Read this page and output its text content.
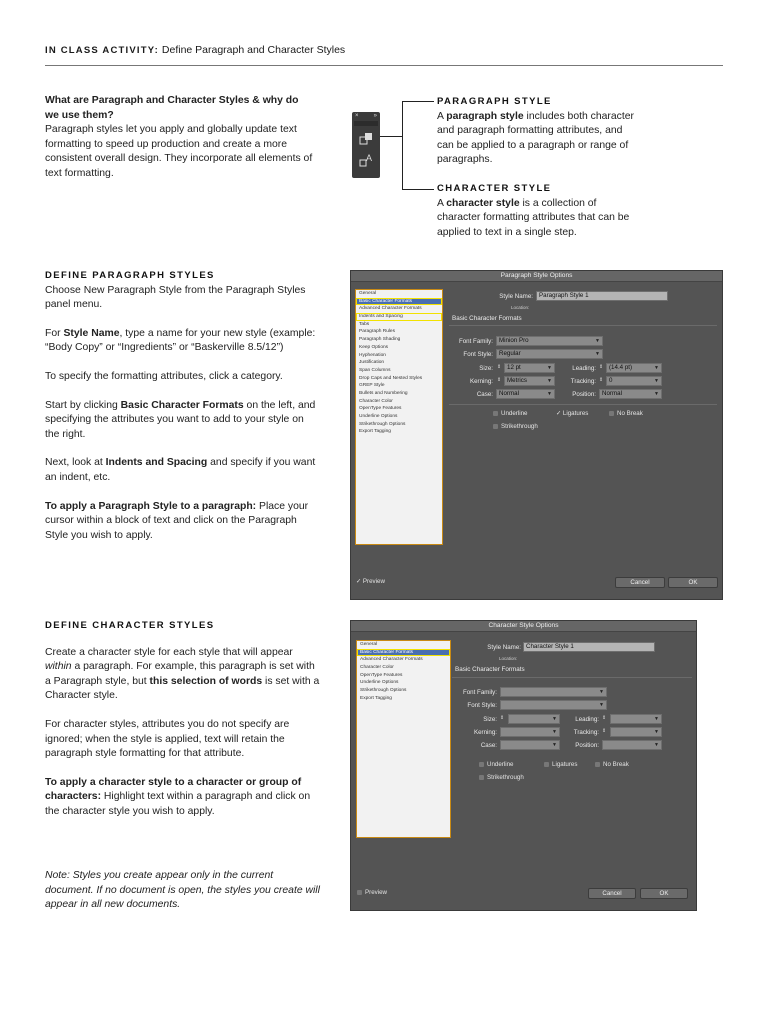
IN CLASS ACTIVITY: Define Paragraph and Character Styles
What are Paragraph and Character Styles & why do we use them?
Paragraph styles let you apply and globally update text formatting to speed up production and create a more consistent overall design. They incorporate all elements of text formatting.
×	»
A
PARAGRAPH STYLE
A paragraph style includes both character and paragraph formatting attributes, and can be applied to a paragraph or range of paragraphs.
CHARACTER STYLE
A character style is a collection of character formatting attributes that can be applied to text in a single step.
DEFINE PARAGRAPH STYLES

Choose New Paragraph Style from the Paragraph Styles panel menu.

For Style Name, type a name for your new style (example: “Body Copy” or “Ingredients” or “Baskerville 8.5/12”)

To specify the formatting attributes, click a category.

Start by clicking Basic Character Formats on the left, and specifying the attributes you want to add to your style on the right.

Next, look at Indents and Spacing and specify if you want an indent, etc.

To apply a Paragraph Style to a paragraph: Place your cursor within a block of text and click on the Paragraph Style you wish to apply.

Paragraph Style Options
General
Basic Character Formats
Advanced Character Formats
Indents and Spacing
Tabs
Paragraph Rules
Paragraph Shading
Keep Options
Hyphenation
Justification
Span Columns
Drop Caps and Nested Styles
GREP Style
Bullets and Numbering
Character Color
OpenType Features
Underline Options
Strikethrough Options
Export Tagging
Style Name: Paragraph Style 1
Location:
Basic Character Formats
Font Family: Minion Pro	▼
Font Style: Regular	▼
Size: ⇕ 12 pt	▼	Leading: ⇕ (14.4 pt)	▼
Kerning: ⇕ Metrics	▼	Tracking: ⇕ 0	▼
Case: Normal	▼	Position: Normal	▼
Underline	✓ Ligatures	No Break
Strikethrough
✓ Preview	Cancel	OK
DEFINE CHARACTER STYLES

Create a character style for each style that will appear within a paragraph. For example, this paragraph is set with a Paragraph style, but this selection of words is set with a Character style.

For character styles, attributes you do not specify are ignored; when the style is applied, text will retain the paragraph style formatting for that attribute.

To apply a character style to a character or group of characters: Highlight text within a paragraph and click on the character style you wish to apply.

Note: Styles you create appear only in the current document. If no document is open, the styles you create will appear in all new documents.
Character Style Options
General
Basic Character Formats
Advanced Character Formats
Character Color
OpenType Features
Underline Options
Strikethrough Options
Export Tagging
Style Name: Character Style 1
Location:
Basic Character Formats
Font Family:	▼
Font Style:	▼
Size: ⇕	▼	Leading: ⇕	▼
Kerning:	▼	Tracking: ⇕	▼
Case:	▼	Position:	▼
Underline	Ligatures	No Break
Strikethrough
Preview	Cancel	OK
